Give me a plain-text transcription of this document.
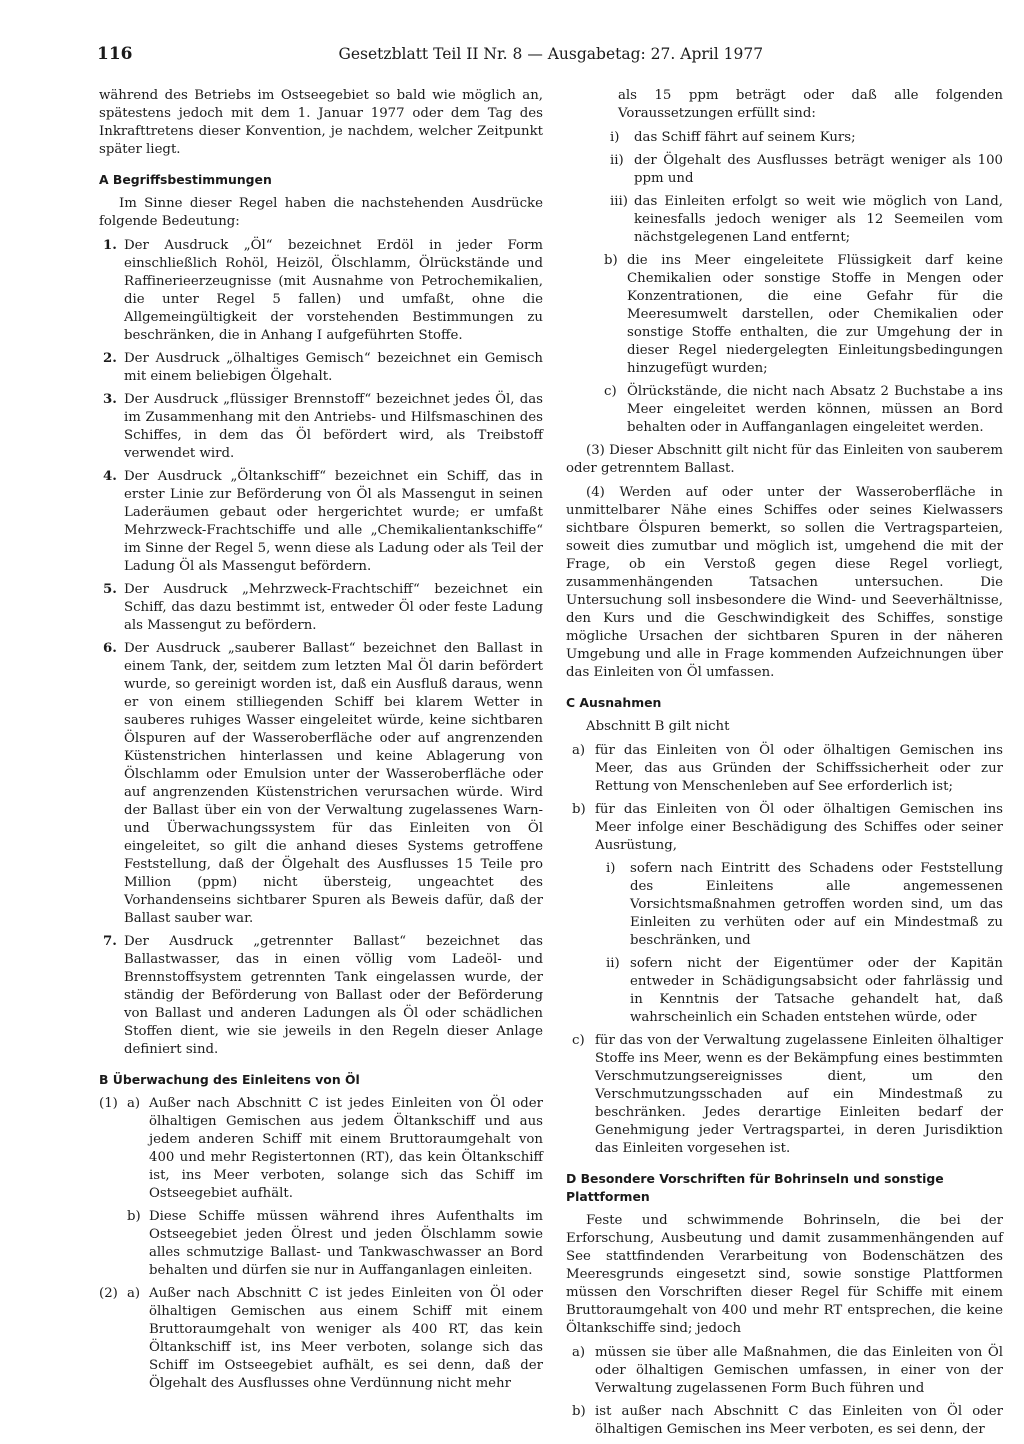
116	Gesetzblatt Teil II Nr. 8 — Ausgabetag: 27. April 1977

während des Betriebs im Ostseegebiet so bald wie möglich an, spätestens jedoch mit dem 1. Januar 1977 oder dem Tag des Inkrafttretens dieser Konvention, je nachdem, welcher Zeitpunkt später liegt.

A Begriffsbestimmungen

Im Sinne dieser Regel haben die nachstehenden Ausdrücke folgende Bedeutung:

1. Der Ausdruck „Öl“ bezeichnet Erdöl in jeder Form einschließlich Rohöl, Heizöl, Ölschlamm, Ölrückstände und Raffinerieerzeugnisse (mit Ausnahme von Petrochemikalien, die unter Regel 5 fallen) und umfaßt, ohne die Allgemeingültigkeit der vorstehenden Bestimmungen zu beschränken, die in Anhang I aufgeführten Stoffe.
2. Der Ausdruck „ölhaltiges Gemisch“ bezeichnet ein Gemisch mit einem beliebigen Ölgehalt.
3. Der Ausdruck „flüssiger Brennstoff“ bezeichnet jedes Öl, das im Zusammenhang mit den Antriebs- und Hilfsmaschinen des Schiffes, in dem das Öl befördert wird, als Treibstoff verwendet wird.
4. Der Ausdruck „Öltankschiff“ bezeichnet ein Schiff, das in erster Linie zur Beförderung von Öl als Massengut in seinen Laderäumen gebaut oder hergerichtet wurde; er umfaßt Mehrzweck-Frachtschiffe und alle „Chemikalientankschiffe“ im Sinne der Regel 5, wenn diese als Ladung oder als Teil der Ladung Öl als Massengut befördern.
5. Der Ausdruck „Mehrzweck-Frachtschiff“ bezeichnet ein Schiff, das dazu bestimmt ist, entweder Öl oder feste Ladung als Massengut zu befördern.
6. Der Ausdruck „sauberer Ballast“ bezeichnet den Ballast in einem Tank, der, seitdem zum letzten Mal Öl darin befördert wurde, so gereinigt worden ist, daß ein Ausfluß daraus, wenn er von einem stilliegenden Schiff bei klarem Wetter in sauberes ruhiges Wasser eingeleitet würde, keine sichtbaren Ölspuren auf der Wasseroberfläche oder auf angrenzenden Küstenstrichen hinterlassen und keine Ablagerung von Ölschlamm oder Emulsion unter der Wasseroberfläche oder auf angrenzenden Küstenstrichen verursachen würde. Wird der Ballast über ein von der Verwaltung zugelassenes Warn- und Überwachungssystem für das Einleiten von Öl eingeleitet, so gilt die anhand dieses Systems getroffene Feststellung, daß der Ölgehalt des Ausflusses 15 Teile pro Million (ppm) nicht übersteig, ungeachtet des Vorhandenseins sichtbarer Spuren als Beweis dafür, daß der Ballast sauber war.
7. Der Ausdruck „getrennter Ballast“ bezeichnet das Ballastwasser, das in einen völlig vom Ladeöl- und Brennstoffsystem getrennten Tank eingelassen wurde, der ständig der Beförderung von Ballast oder der Beförderung von Ballast und anderen Ladungen als Öl oder schädlichen Stoffen dient, wie sie jeweils in den Regeln dieser Anlage definiert sind.
B Überwachung des Einleitens von Öl
(1) a) Außer nach Abschnitt C ist jedes Einleiten von Öl oder ölhaltigen Gemischen aus jedem Öltankschiff und aus jedem anderen Schiff mit einem Bruttoraumgehalt von 400 und mehr Registertonnen (RT), das kein Öltankschiff ist, ins Meer verboten, solange sich das Schiff im Ostseegebiet aufhält.
b) Diese Schiffe müssen während ihres Aufenthalts im Ostseegebiet jeden Ölrest und jeden Ölschlamm sowie alles schmutzige Ballast- und Tankwaschwasser an Bord behalten und dürfen sie nur in Auffanganlagen einleiten.
(2) a) Außer nach Abschnitt C ist jedes Einleiten von Öl oder ölhaltigen Gemischen aus einem Schiff mit einem Bruttoraumgehalt von weniger als 400 RT, das kein Öltankschiff ist, ins Meer verboten, solange sich das Schiff im Ostseegebiet aufhält, es sei denn, daß der Ölgehalt des Ausflusses ohne Verdünnung nicht mehr

als 15 ppm beträgt oder daß alle folgenden Voraussetzungen erfüllt sind:

i)	das Schiff fährt auf seinem Kurs;
ii) der Ölgehalt des Ausflusses beträgt weniger als 100 ppm und
iii) das Einleiten erfolgt so weit wie möglich von Land, keinesfalls jedoch weniger als 12 Seemeilen vom nächstgelegenen Land entfernt;
b) die ins Meer eingeleitete Flüssigkeit darf keine Chemikalien oder sonstige Stoffe in Mengen oder Konzentrationen, die eine Gefahr für die Meeresumwelt darstellen, oder Chemikalien oder sonstige Stoffe enthalten, die zur Umgehung der in dieser Regel niedergelegten Einleitungsbedingungen hinzugefügt wurden;
c) Ölrückstände, die nicht nach Absatz 2 Buchstabe a ins Meer eingeleitet werden können, müssen an Bord behalten oder in Auffanganlagen eingeleitet werden.

(3) Dieser Abschnitt gilt nicht für das Einleiten von sauberem oder getrenntem Ballast.

(4) Werden auf oder unter der Wasseroberfläche in unmittelbarer Nähe eines Schiffes oder seines Kielwassers sichtbare Ölspuren bemerkt, so sollen die Vertragsparteien, soweit dies zumutbar und möglich ist, umgehend die mit der Frage, ob ein Verstoß gegen diese Regel vorliegt, zusammenhängenden Tatsachen untersuchen. Die Untersuchung soll insbesondere die Wind- und Seeverhältnisse, den Kurs und die Geschwindigkeit des Schiffes, sonstige mögliche Ursachen der sichtbaren Spuren in der näheren Umgebung und alle in Frage kommenden Aufzeichnungen über das Einleiten von Öl umfassen.

C Ausnahmen

Abschnitt B gilt nicht

a) für das Einleiten von Öl oder ölhaltigen Gemischen ins Meer, das aus Gründen der Schiffssicherheit oder zur Rettung von Menschenleben auf See erforderlich ist;
b) für das Einleiten von Öl oder ölhaltigen Gemischen ins Meer infolge einer Beschädigung des Schiffes oder seiner Ausrüstung,
i)	sofern nach Eintritt des Schadens oder Feststellung des Einleitens alle angemessenen Vorsichtsmaßnahmen getroffen worden sind, um das Einleiten zu verhüten oder auf ein Mindestmaß zu beschränken, und
ii) sofern nicht der Eigentümer oder der Kapitän entweder in Schädigungsabsicht oder fahrlässig und in Kenntnis der Tatsache gehandelt hat, daß wahrscheinlich ein Schaden entstehen würde, oder
c) für das von der Verwaltung zugelassene Einleiten ölhaltiger Stoffe ins Meer, wenn es der Bekämpfung eines bestimmten Verschmutzungsereignisses dient, um den Verschmutzungsschaden auf ein Mindestmaß zu beschränken. Jedes derartige Einleiten bedarf der Genehmigung jeder Vertragspartei, in deren Jurisdiktion das Einleiten vorgesehen ist.
D Besondere Vorschriften für Bohrinseln und sonstige Plattformen

Feste und schwimmende Bohrinseln, die bei der Erforschung, Ausbeutung und damit zusammenhängenden auf See stattfindenden Verarbeitung von Bodenschätzen des Meeresgrunds eingesetzt sind, sowie sonstige Plattformen müssen den Vorschriften dieser Regel für Schiffe mit einem Bruttoraumgehalt von 400 und mehr RT entsprechen, die keine Öltankschiffe sind; jedoch

a) müssen sie über alle Maßnahmen, die das Einleiten von Öl oder ölhaltigen Gemischen umfassen, in einer von der Verwaltung zugelassenen Form Buch führen und
b) ist außer nach Abschnitt C das Einleiten von Öl oder ölhaltigen Gemischen ins Meer verboten, es sei denn, der
